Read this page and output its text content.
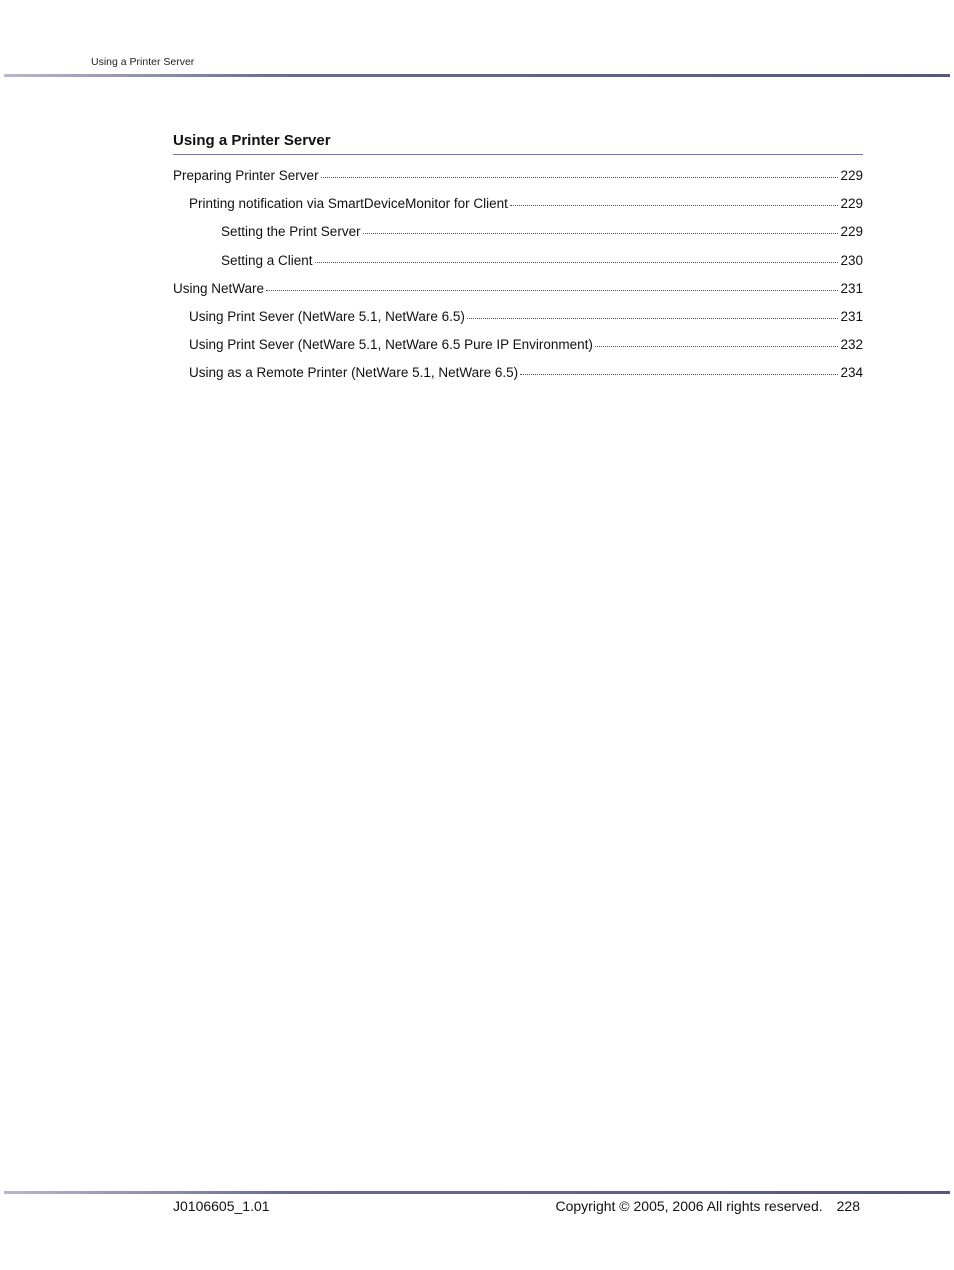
Using a Printer Server
Using a Printer Server
Preparing Printer Server	229
Printing notification via SmartDeviceMonitor for Client	229
Setting the Print Server	229
Setting a Client	230
Using NetWare	231
Using Print Sever (NetWare 5.1, NetWare 6.5)	231
Using Print Sever (NetWare 5.1, NetWare 6.5 Pure IP Environment)	232
Using as a Remote Printer (NetWare 5.1, NetWare 6.5)	234
J0106605_1.01	Copyright © 2005, 2006 All rights reserved. 228
